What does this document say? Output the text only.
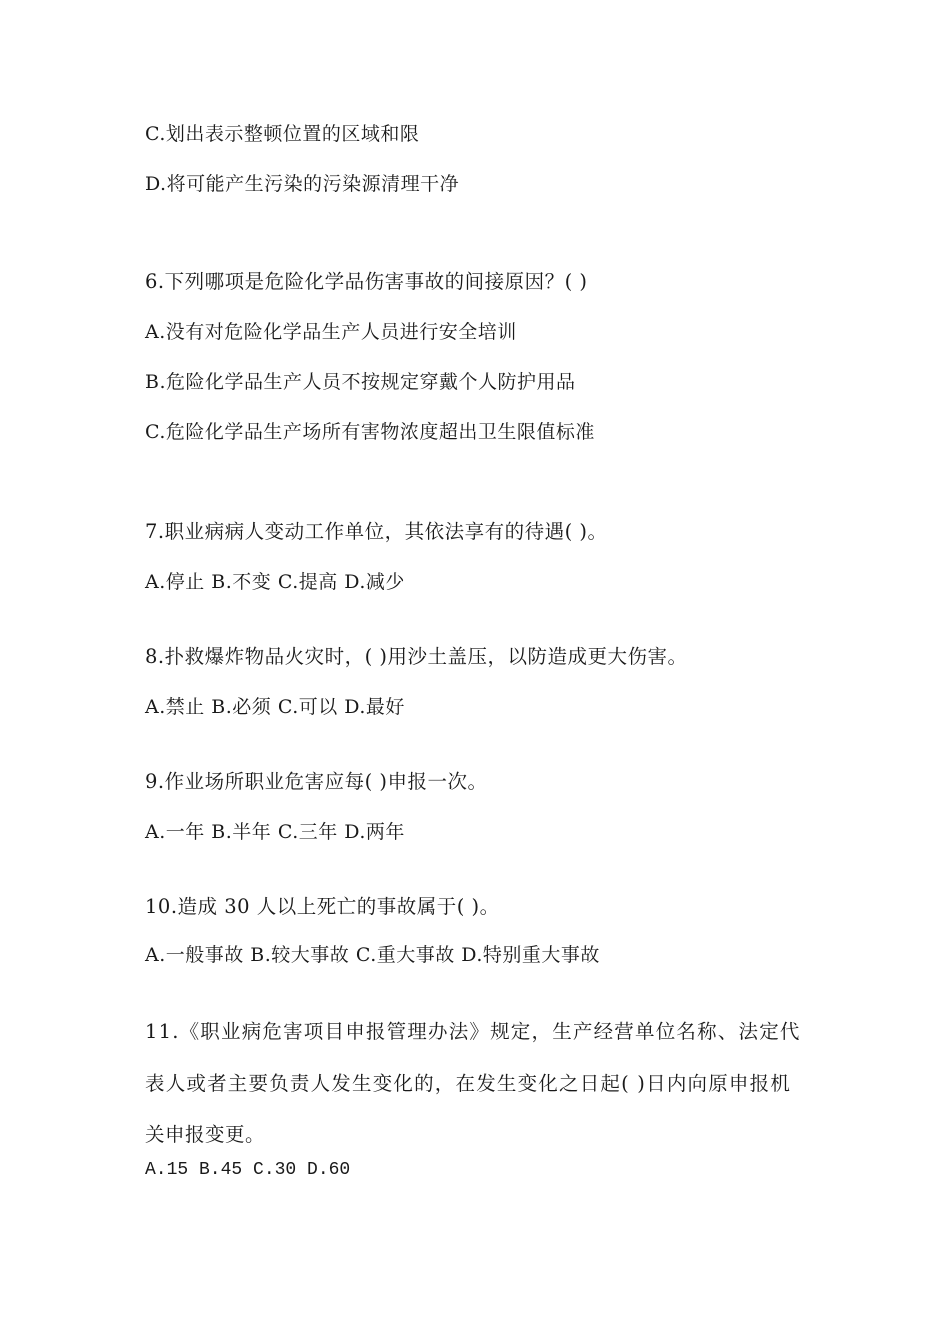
C.划出表示整顿位置的区域和限
D.将可能产生污染的污染源清理干净
6.下列哪项是危险化学品伤害事故的间接原因？( )
A.没有对危险化学品生产人员进行安全培训
B.危险化学品生产人员不按规定穿戴个人防护用品
C.危险化学品生产场所有害物浓度超出卫生限值标准
7.职业病病人变动工作单位，其依法享有的待遇( )。
A.停止 B.不变 C.提高 D.减少
8.扑救爆炸物品火灾时，( )用沙土盖压，以防造成更大伤害。
A.禁止 B.必须 C.可以 D.最好
9.作业场所职业危害应每( )申报一次。
A.一年 B.半年 C.三年 D.两年
10.造成 30 人以上死亡的事故属于( )。
A.一般事故 B.较大事故 C.重大事故 D.特别重大事故
11.《职业病危害项目申报管理办法》规定，生产经营单位名称、法定代
表人或者主要负责人发生变化的，在发生变化之日起( )日内向原申报机
关申报变更。
A.15 B.45 C.30 D.60
